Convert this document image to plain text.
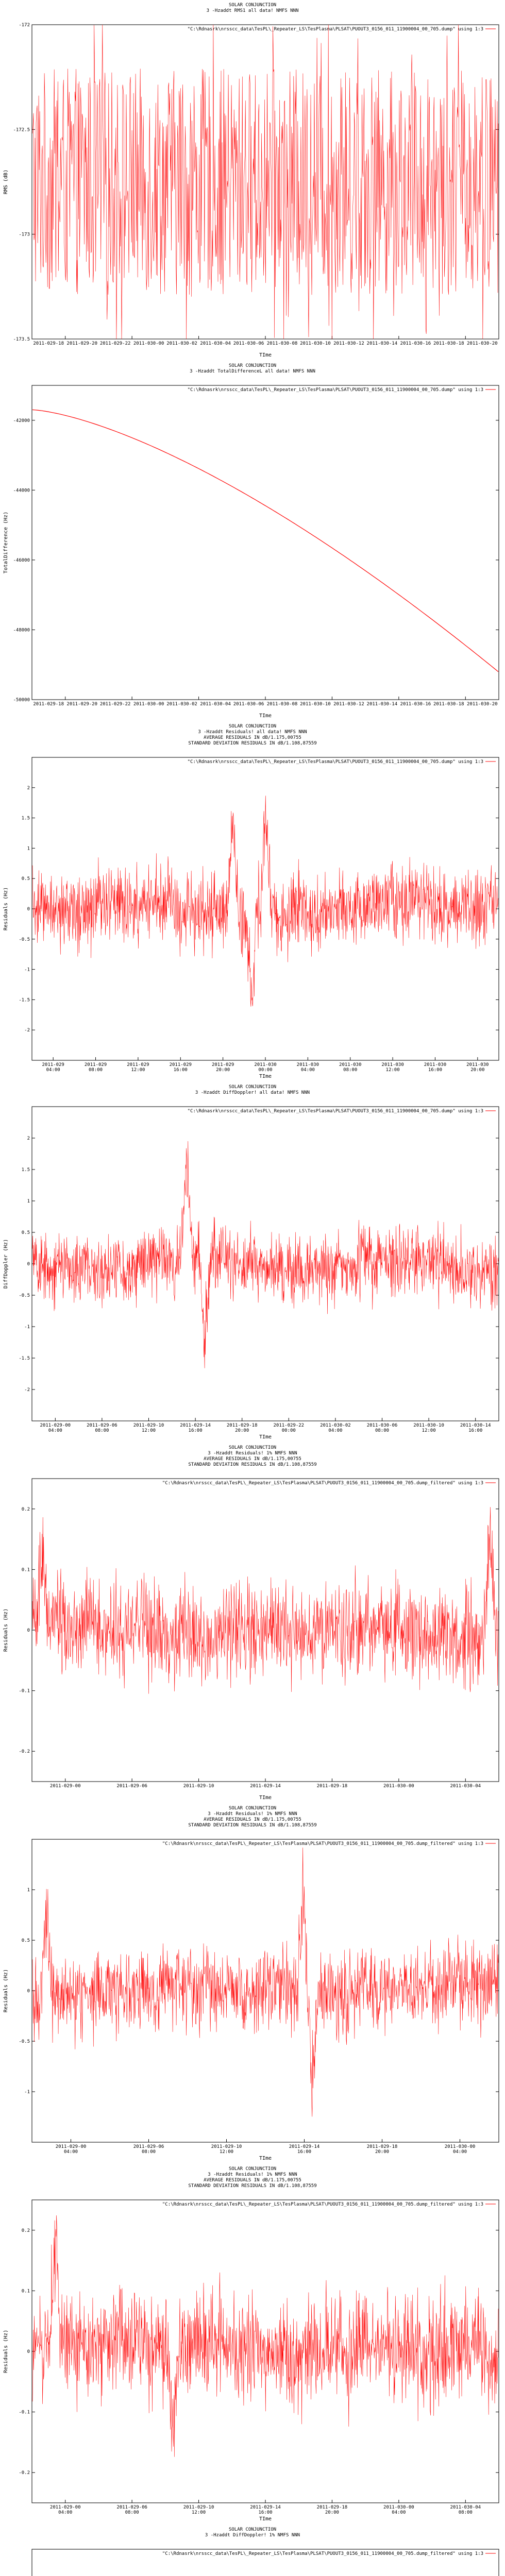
SOLAR CONJUNCTION
3 -Hzaddt RMS1 all data! NMFS NNN
"C:\Rdnasrk\nrsscc_data\TesPL\_Repeater_LS\TesPlasma\PLSAT\PUOUT3_0156_011_11900004_00_705.dump" using 1:3
-172
-172.5
-173
-173.5
2011-029-18 2011-029-20 2011-029-22 2011-030-00 2011-030-02 2011-030-04 2011-030-06 2011-030-08 2011-030-10 2011-030-12 2011-030-14 2011-030-16 2011-030-18 2011-030-20
TIme
RMS (dB)
SOLAR CONJUNCTION
3 -Hzaddt TotalDifferenceL all data! NMFS NNN
"C:\Rdnasrk\nrsscc_data\TesPL\_Repeater_LS\TesPlasma\PLSAT\PUOUT3_0156_011_11900004_00_705.dump" using 1:3
-42000
-44000
-46000
-48000
-50000
2011-029-18 2011-029-20 2011-029-22 2011-030-00 2011-030-02 2011-030-04 2011-030-06 2011-030-08 2011-030-10 2011-030-12 2011-030-14 2011-030-16 2011-030-18 2011-030-20
TIme
TotalDifference (Hz)
SOLAR CONJUNCTION
3 -Hzaddt Residuals! all data! NMFS NNN
AVERAGE RESIDUALS IN dB/1.175,00755
STANDARD DEVIATION RESIDUALS IN dB/1.108,87559
"C:\Rdnasrk\nrsscc_data\TesPL\_Repeater_LS\TesPlasma\PLSAT\PUOUT3_0156_011_11900004_00_705.dump" using 1:3
2
1.5
1
0.5
0
-0.5
-1
-1.5
-2
2011-029
04:00
2011-029
08:00
2011-029
12:00
2011-029
16:00
2011-029
20:00
2011-030
00:00
2011-030
04:00
2011-030
08:00
2011-030
12:00
2011-030
16:00
2011-030
20:00
TIme
Residuals (Hz)
SOLAR CONJUNCTION
3 -Hzaddt DiffDoppler! all data! NMFS NNN
"C:\Rdnasrk\nrsscc_data\TesPL\_Repeater_LS\TesPlasma\PLSAT\PUOUT3_0156_011_11900004_00_705.dump" using 1:3
2
1.5
1
0.5
0
-0.5
-1
-1.5
-2
2011-029-00
04:00
2011-029-06
08:00
2011-029-10
12:00
2011-029-14
16:00
2011-029-18
20:00
2011-029-22
00:00
2011-030-02
04:00
2011-030-06
08:00
2011-030-10
12:00
2011-030-14
16:00
TIme
DiffDoppler (Hz)
SOLAR CONJUNCTION
3 -Hzaddt Residuals! 1% NMFS NNN
AVERAGE RESIDUALS IN dB/1.175,00755
STANDARD DEVIATION RESIDUALS IN dB/1.108,87559
"C:\Rdnasrk\nrsscc_data\TesPL\_Repeater_LS\TesPlasma\PLSAT\PUOUT3_0156_011_11900004_00_705.dump_filtered" using 1:3
0.2
0.1
0
-0.1
-0.2
2011-029-00	2011-029-06	2011-029-10	2011-029-14	2011-029-18	2011-030-00	2011-030-04
TIme
Residuals (Hz)
SOLAR CONJUNCTION
3 -Hzaddt Residuals! 1% NMFS NNN
AVERAGE RESIDUALS IN dB/1.175,00755
STANDARD DEVIATION RESIDUALS IN dB/1.108,87559
"C:\Rdnasrk\nrsscc_data\TesPL\_Repeater_LS\TesPlasma\PLSAT\PUOUT3_0156_011_11900004_00_705.dump_filtered" using 1:3
1
0.5
0
-0.5
-1
2011-029-00
04:00
2011-029-06
08:00
2011-029-10
12:00
2011-029-14
16:00
2011-029-18
20:00
2011-030-00
04:00
TIme
Residuals (Hz)
SOLAR CONJUNCTION
3 -Hzaddt Residuals! 1% NMFS NNN
AVERAGE RESIDUALS IN dB/1.175,00755
STANDARD DEVIATION RESIDUALS IN dB/1.108,87559
"C:\Rdnasrk\nrsscc_data\TesPL\_Repeater_LS\TesPlasma\PLSAT\PUOUT3_0156_011_11900004_00_705.dump_filtered" using 1:3
0.2
0.1
0
-0.1
-0.2
2011-029-00
04:00
2011-029-06
08:00
2011-029-10
12:00
2011-029-14
16:00
2011-029-18
20:00
2011-030-00
04:00
2011-030-04
08:00
TIme
Residuals (Hz)
SOLAR CONJUNCTION
3 -Hzaddt DiffDoppler! 1% NMFS NNN
"C:\Rdnasrk\nrsscc_data\TesPL\_Repeater_LS\TesPlasma\PLSAT\PUOUT3_0156_011_11900004_00_705.dump_filtered" using 1:3
